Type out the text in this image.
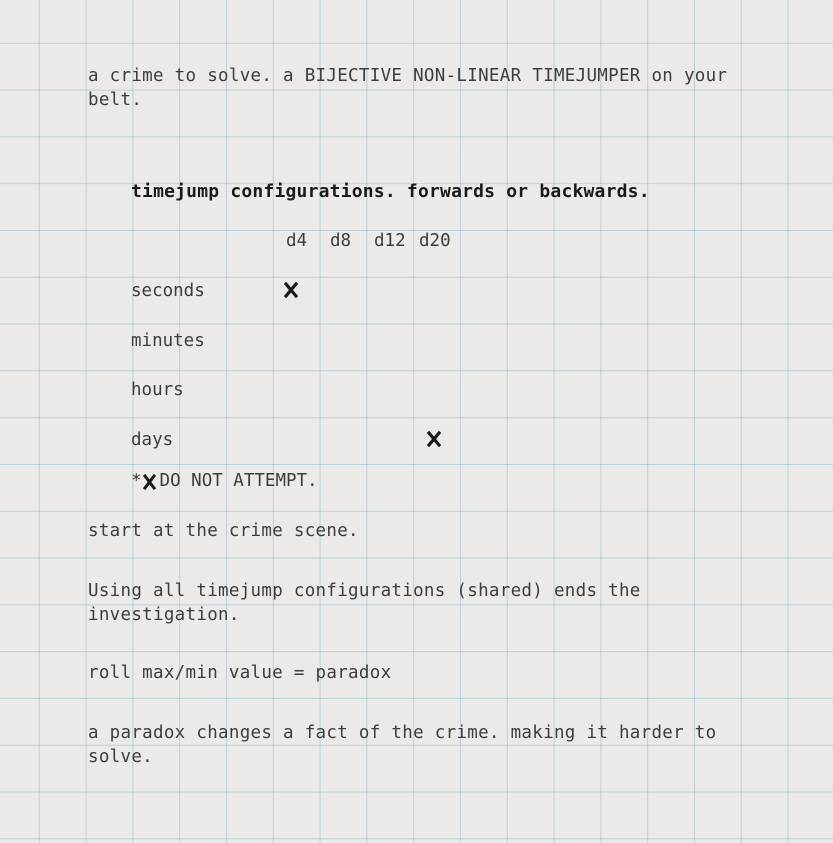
a crime to solve. a BIJECTIVE NON-LINEAR TIMEJUMPER on your belt.
timejump configurations. forwards or backwards.
d4 d8 d12 d20
seconds
minutes
hours
days
* DO NOT ATTEMPT.
start at the crime scene.
Using all timejump configurations (shared) ends the investigation.
roll max/min value = paradox
a paradox changes a fact of the crime. making it harder to solve.
